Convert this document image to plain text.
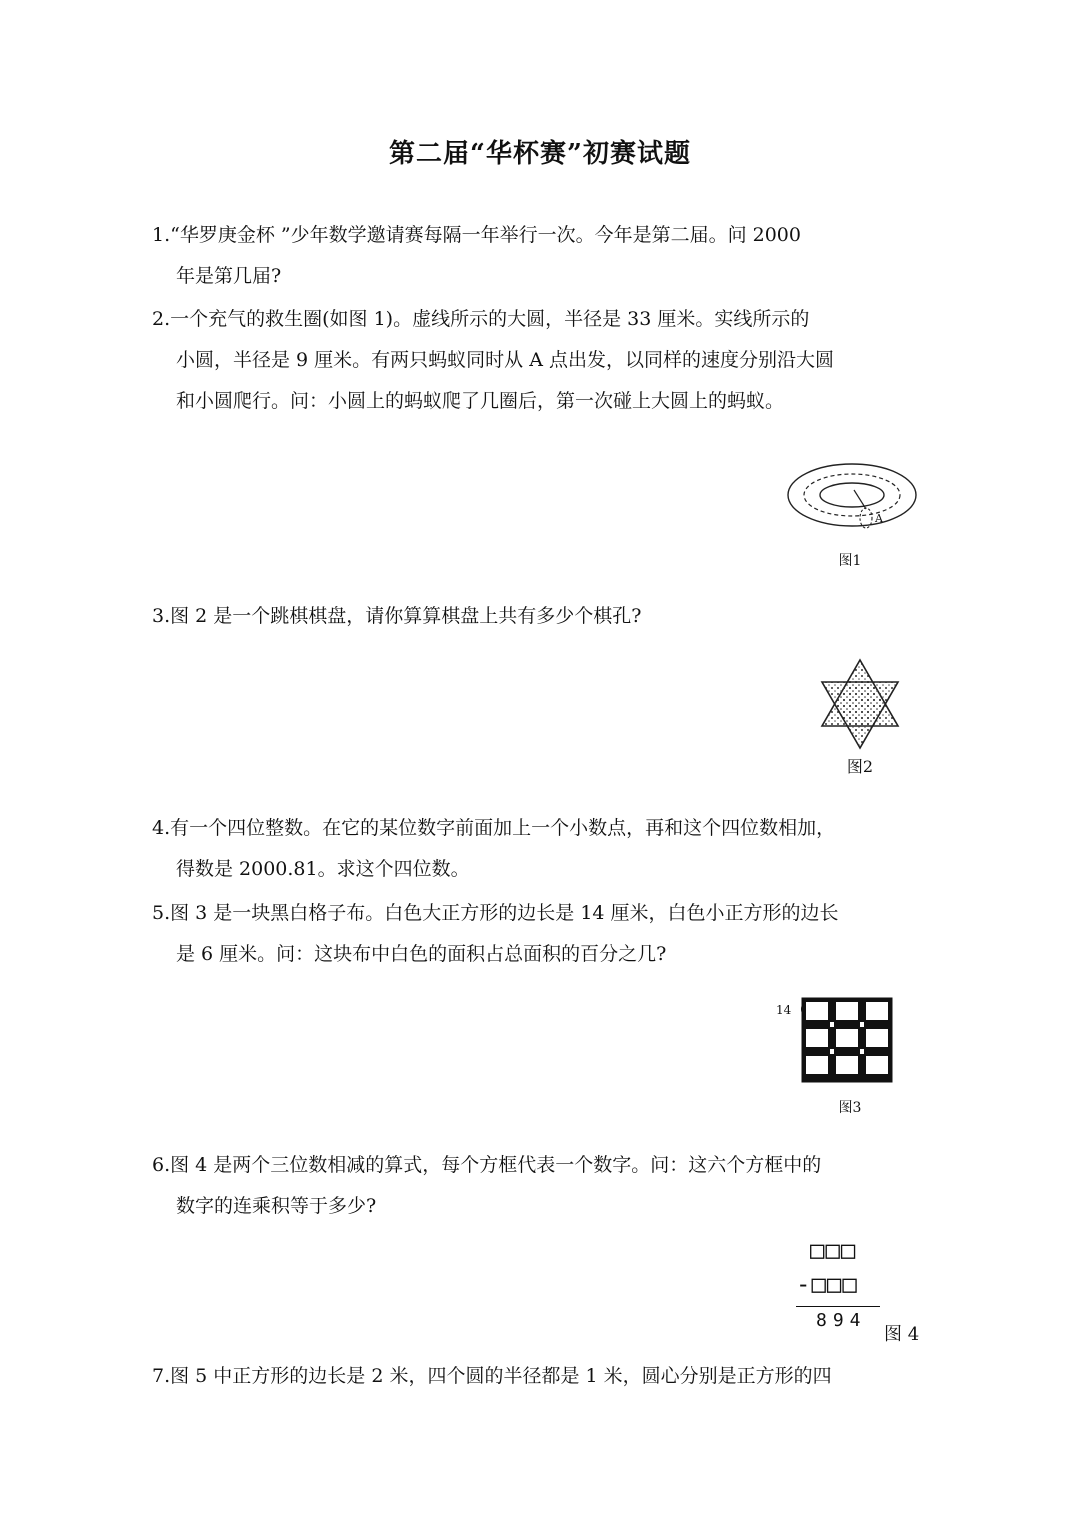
第二届“华杯赛”初赛试题
1.“华罗庚金杯 ”少年数学邀请赛每隔一年举行一次。今年是第二届。问 2000
年是第几届?
2.一个充气的救生圈(如图 1)。虚线所示的大圆，半径是 33 厘米。实线所示的
小圆，半径是 9 厘米。有两只蚂蚁同时从 A 点出发，以同样的速度分别沿大圆
和小圆爬行。问：小圆上的蚂蚁爬了几圈后，第一次碰上大圆上的蚂蚁。
A
图1
3.图 2 是一个跳棋棋盘，请你算算棋盘上共有多少个棋孔?
图2
4.有一个四位整数。在它的某位数字前面加上一个小数点，再和这个四位数相加，
得数是 2000.81。求这个四位数。
5.图 3 是一块黑白格子布。白色大正方形的边长是 14 厘米，白色小正方形的边长
是 6 厘米。问：这块布中白色的面积占总面积的百分之几?
14
图3
6.图 4 是两个三位数相减的算式，每个方框代表一个数字。问：这六个方框中的
数字的连乘积等于多少?
□□□
-□□□
894
图 4
7.图 5 中正方形的边长是 2 米，四个圆的半径都是 1 米，圆心分别是正方形的四
